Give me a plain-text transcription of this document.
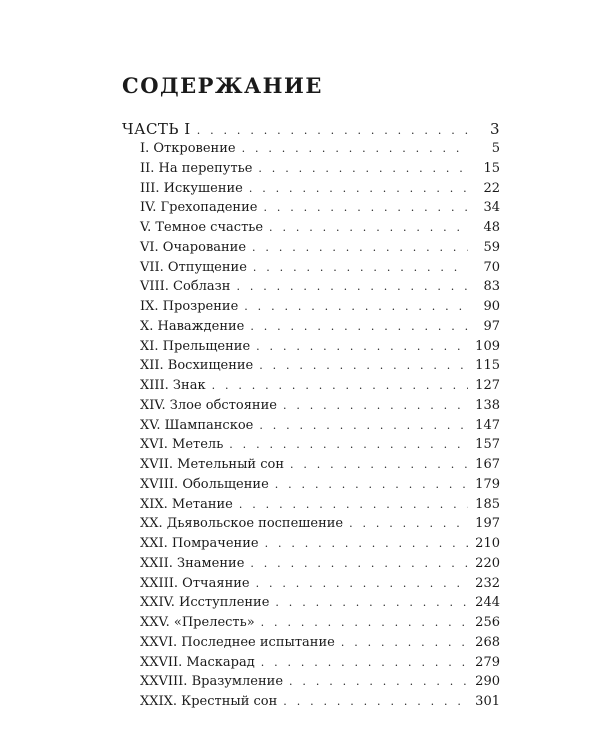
СОДЕРЖАНИЕ
ЧАСТЬ I . . .	3
I. Откровение . . .	5
II. На перепутье . . .	15
III. Искушение . . .	22
IV. Грехопадение . . .	34
V. Темное счастье . . .	48
VI. Очарование . . .	59
VII. Отпущение . . .	70
VIII. Соблазн . . .	83
IX. Прозрение . . .	90
X. Наваждение . . .	97
XI. Прельщение . . .	109
XII. Восхищение . . .	115
XIII. Знак . . .	127
XIV. Злое обстояние . . .	138
XV. Шампанское . . .	147
XVI. Метель . . .	157
XVII. Метельный сон . . .	167
XVIII. Обольщение . . .	179
XIX. Метание . . .	185
XX. Дьявольское поспешение . . .	197
XXI. Помрачение . . .	210
XXII. Знамение . . .	220
XXIII. Отчаяние . . .	232
XXIV. Исступление . . .	244
XXV. «Прелесть» . . .	256
XXVI. Последнее испытание . . .	268
XXVII. Маскарад . . .	279
XXVIII. Вразумление . . .	290
XXIX. Крестный сон . . .	301
